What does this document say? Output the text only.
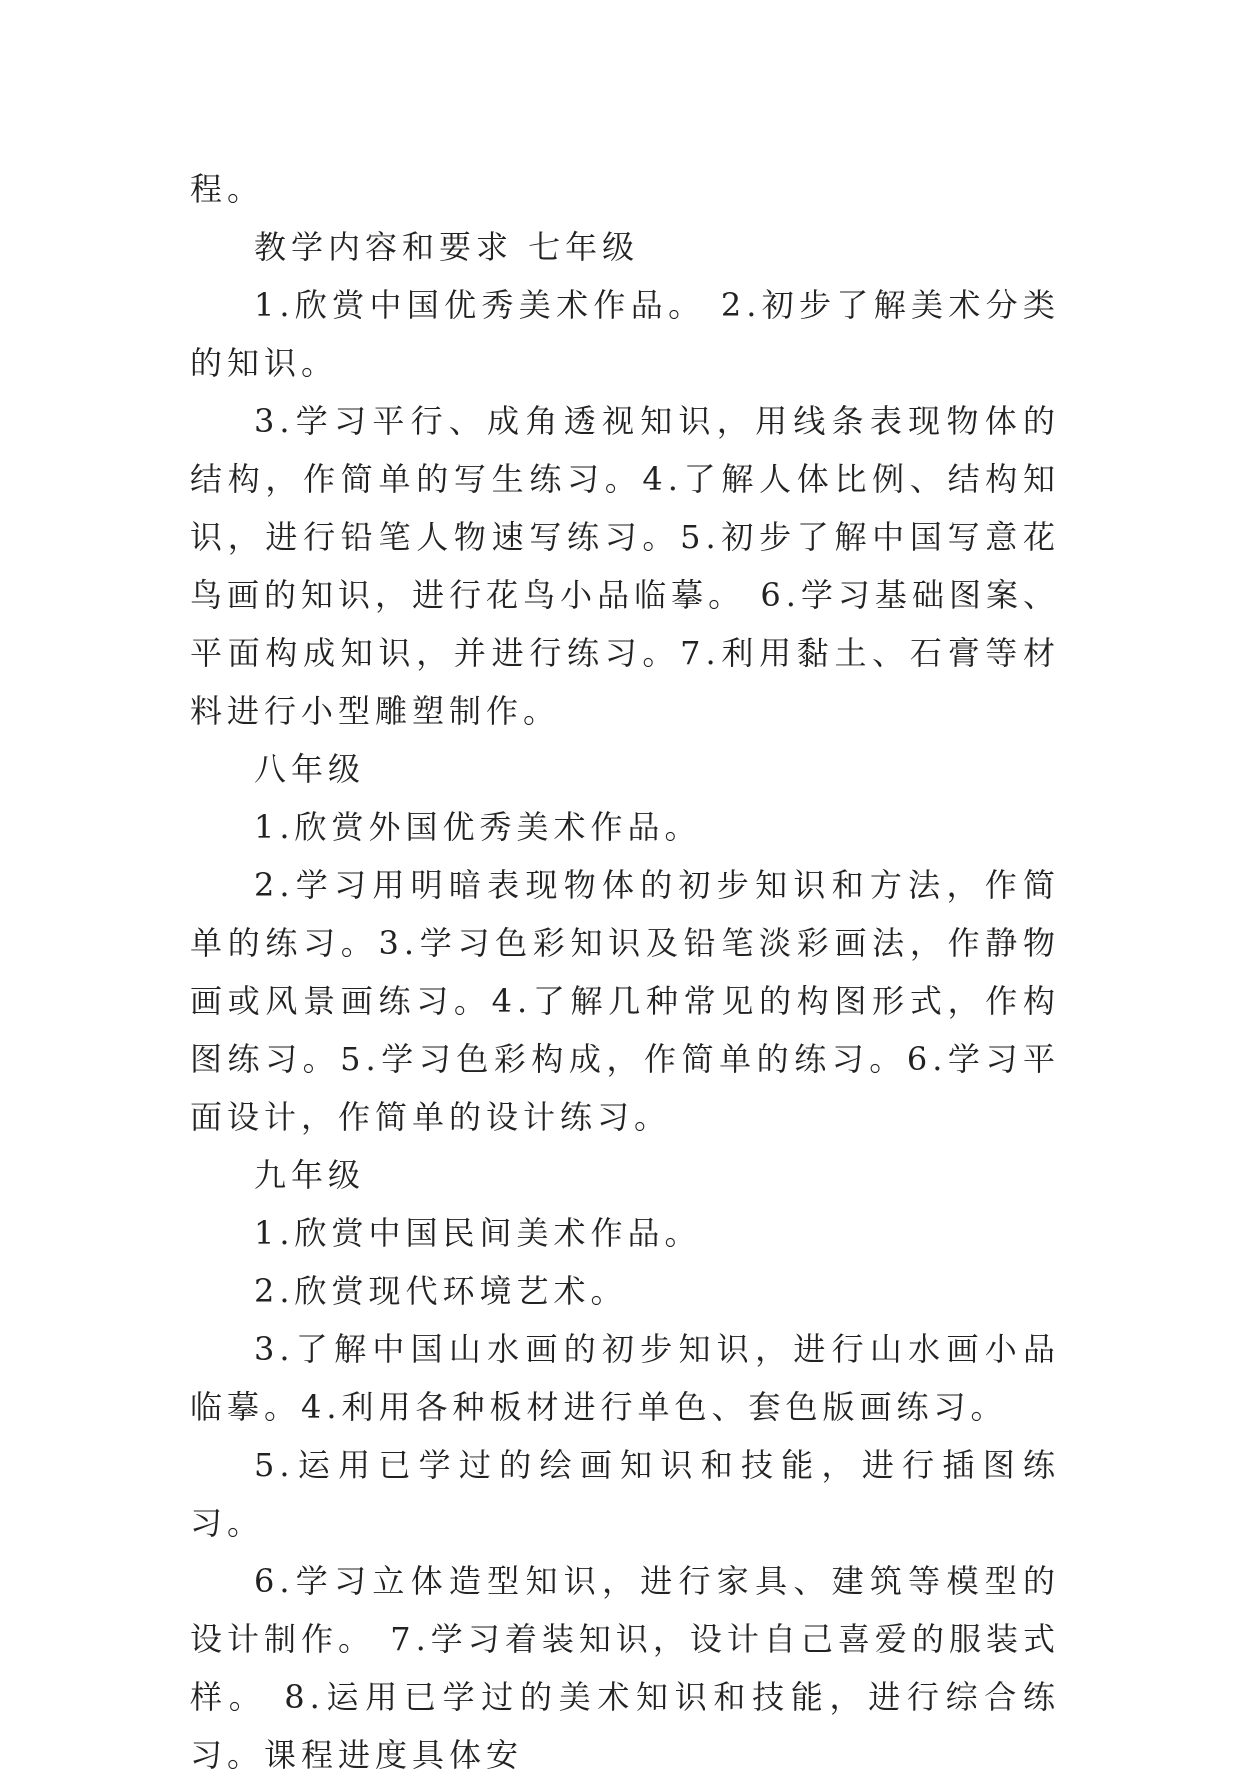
程。

教学内容和要求 七年级

1.欣赏中国优秀美术作品。 2.初步了解美术分类的知识。

3.学习平行、成角透视知识，用线条表现物体的结构，作简单的写生练习。4.了解人体比例、结构知识，进行铅笔人物速写练习。5.初步了解中国写意花鸟画的知识，进行花鸟小品临摹。 6.学习基础图案、平面构成知识，并进行练习。7.利用黏土、石膏等材料进行小型雕塑制作。

八年级

1.欣赏外国优秀美术作品。

2.学习用明暗表现物体的初步知识和方法，作简单的练习。3.学习色彩知识及铅笔淡彩画法，作静物画或风景画练习。4.了解几种常见的构图形式，作构图练习。5.学习色彩构成，作简单的练习。6.学习平面设计，作简单的设计练习。

九年级

1.欣赏中国民间美术作品。

2.欣赏现代环境艺术。

3.了解中国山水画的初步知识，进行山水画小品临摹。4.利用各种板材进行单色、套色版画练习。

5.运用已学过的绘画知识和技能，进行插图练习。

6.学习立体造型知识，进行家具、建筑等模型的设计制作。 7.学习着装知识，设计自己喜爱的服装式样。 8.运用已学过的美术知识和技能，进行综合练习。课程进度具体安
